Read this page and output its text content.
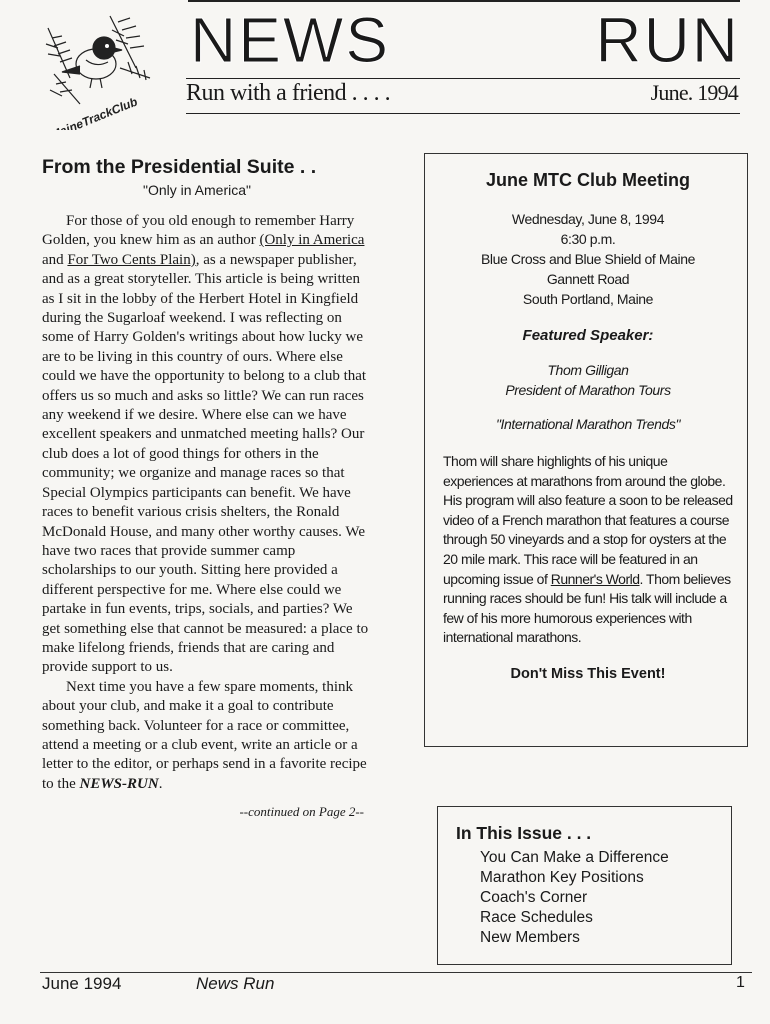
MaineTrackClub
NEWS	RUN
Run with a friend . . . .	June. 1994
From the Presidential Suite . .
"Only in America"

For those of you old enough to remember Harry Golden, you knew him as an author (Only in America and For Two Cents Plain), as a newspaper publisher, and as a great storyteller. This article is being written as I sit in the lobby of the Herbert Hotel in Kingfield during the Sugarloaf weekend. I was reflecting on some of Harry Golden's writings about how lucky we are to be living in this country of ours. Where else could we have the opportunity to belong to a club that offers us so much and asks so little? We can run races any weekend if we desire. Where else can we have excellent speakers and unmatched meeting halls? Our club does a lot of good things for others in the community; we organize and manage races so that Special Olympics participants can benefit. We have races to benefit various crisis shelters, the Ronald McDonald House, and many other worthy causes. We have two races that provide summer camp scholarships to our youth. Sitting here provided a different perspective for me. Where else could we partake in fun events, trips, socials, and parties? We get something else that cannot be measured: a place to make lifelong friends, friends that are caring and provide support to us.

Next time you have a few spare moments, think about your club, and make it a goal to contribute something back. Volunteer for a race or committee, attend a meeting or a club event, write an article or a letter to the editor, or perhaps send in a favorite recipe to the NEWS-RUN.

--continued on Page 2--
June MTC Club Meeting
Wednesday, June 8, 1994
6:30 p.m.
Blue Cross and Blue Shield of Maine
Gannett Road
South Portland, Maine
Featured Speaker:
Thom Gilligan
President of Marathon Tours
"International Marathon Trends"
Thom will share highlights of his unique experiences at marathons from around the globe. His program will also feature a soon to be released video of a French marathon that features a course through 50 vineyards and a stop for oysters at the 20 mile mark. This race will be featured in an upcoming issue of Runner's World. Thom believes running races should be fun! His talk will include a few of his more humorous experiences with international marathons.
Don't Miss This Event!
In This Issue . . .
You Can Make a Difference
Marathon Key Positions
Coach's Corner
Race Schedules
New Members
June 1994	News Run	1
